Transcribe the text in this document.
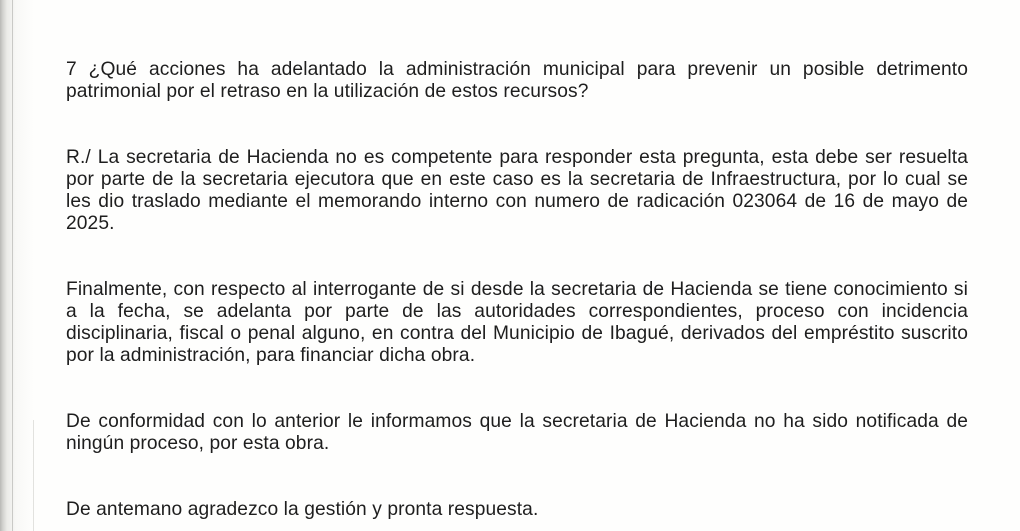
7 ¿Qué acciones ha adelantado la administración municipal para prevenir un posible detrimento patrimonial por el retraso en la utilización de estos recursos?

R./ La secretaria de Hacienda no es competente para responder esta pregunta, esta debe ser resuelta por parte de la secretaria ejecutora que en este caso es la secretaria de Infraestructura, por lo cual se les dio traslado mediante el memorando interno con numero de radicación 023064 de 16 de mayo de 2025.

Finalmente, con respecto al interrogante de si desde la secretaria de Hacienda se tiene conocimiento si a la fecha, se adelanta por parte de las autoridades correspondientes, proceso con incidencia disciplinaria, fiscal o penal alguno, en contra del Municipio de Ibagué, derivados del empréstito suscrito por la administración, para financiar dicha obra.

De conformidad con lo anterior le informamos que la secretaria de Hacienda no ha sido notificada de ningún proceso, por esta obra.

De antemano agradezco la gestión y pronta respuesta.
